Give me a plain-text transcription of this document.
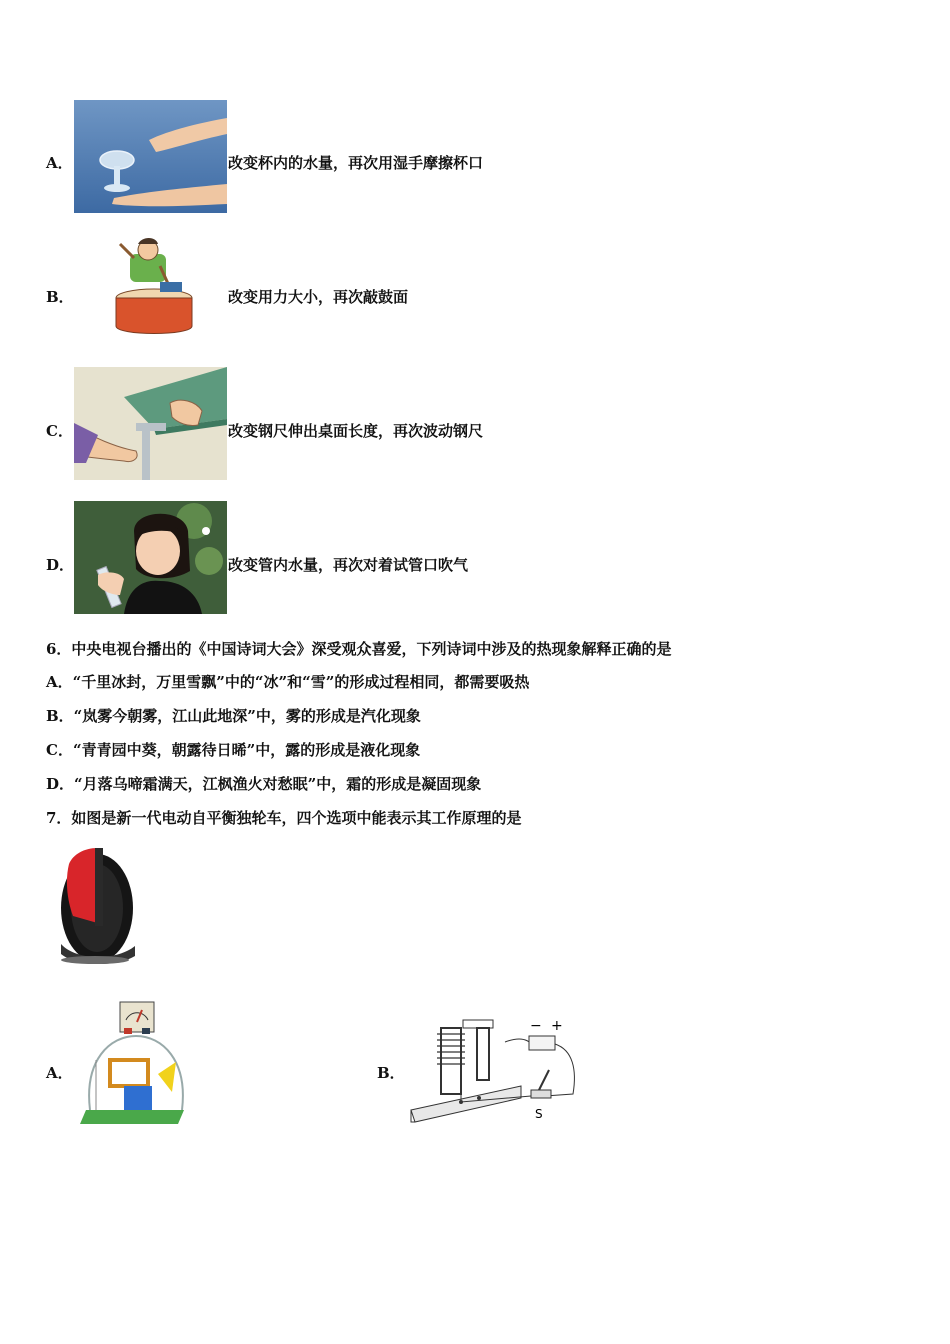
A．	改变杯内的水量，再次用湿手摩擦杯口
B．	改变用力大小，再次敲鼓面
C．	改变钢尺伸出桌面长度，再次波动钢尺
D．	改变管内水量，再次对着试管口吹气
6．中央电视台播出的《中国诗词大会》深受观众喜爱，下列诗词中涉及的热现象解释正确的是
A．“千里冰封，万里雪飘”中的“冰”和“雪”的形成过程相同，都需要吸热
B．“岚雾今朝雾，江山此地深”中，雾的形成是汽化现象
C．“青青园中葵，朝露待日晞”中，露的形成是液化现象
D．“月落乌啼霜满天，江枫渔火对愁眠”中，霜的形成是凝固现象
7．如图是新一代电动自平衡独轮车，四个选项中能表示其工作原理的是
A．	B．
− +
S
